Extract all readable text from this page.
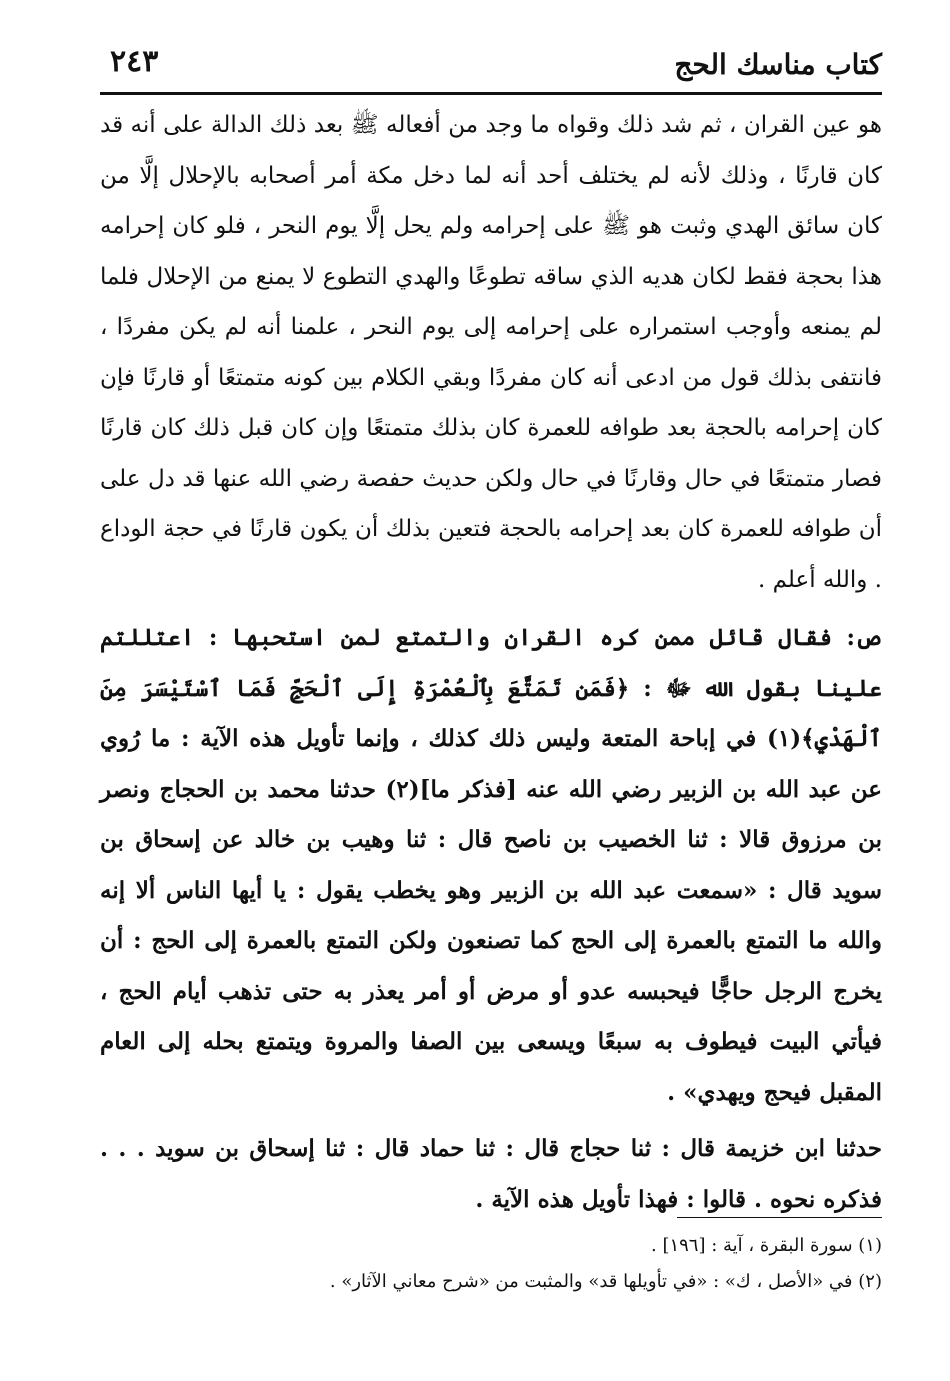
٢٤٣	كتاب مناسك الحج

هو عين القران ، ثم شد ذلك وقواه ما وجد من أفعاله ﷺ بعد ذلك الدالة على أنه قد كان قارنًا ، وذلك لأنه لم يختلف أحد أنه لما دخل مكة أمر أصحابه بالإحلال إلَّا من كان سائق الهدي وثبت هو ﷺ على إحرامه ولم يحل إلَّا يوم النحر ، فلو كان إحرامه هذا بحجة فقط لكان هديه الذي ساقه تطوعًا والهدي التطوع لا يمنع من الإحلال فلما لم يمنعه وأوجب استمراره على إحرامه إلى يوم النحر ، علمنا أنه لم يكن مفردًا ، فانتفى بذلك قول من ادعى أنه كان مفردًا وبقي الكلام بين كونه متمتعًا أو قارنًا فإن كان إحرامه بالحجة بعد طوافه للعمرة كان بذلك متمتعًا وإن كان قبل ذلك كان قارنًا فصار متمتعًا في حال وقارنًا في حال ولكن حديث حفصة رضي الله عنها قد دل على أن طوافه للعمرة كان بعد إحرامه بالحجة فتعين بذلك أن يكون قارنًا في حجة الوداع . والله أعلم .

ص: فقال قائل ممن كره القران والتمتع لمن استحبها : اعتللتم علينا بقول الله ﷻ : ﴿فَمَن تَمَتَّعَ بِٱلْعُمْرَةِ إِلَى ٱلْحَجِّ فَمَا ٱسْتَيْسَرَ مِنَ ٱلْهَدْيِ﴾(١) في إباحة المتعة وليس ذلك كذلك ، وإنما تأويل هذه الآية : ما رُوي عن عبد الله بن الزبير رضي الله عنه [فذكر ما](٢) حدثنا محمد بن الحجاج ونصر بن مرزوق قالا : ثنا الخصيب بن ناصح قال : ثنا وهيب بن خالد عن إسحاق بن سويد قال : «سمعت عبد الله بن الزبير وهو يخطب يقول : يا أيها الناس ألا إنه والله ما التمتع بالعمرة إلى الحج كما تصنعون ولكن التمتع بالعمرة إلى الحج : أن يخرج الرجل حاجًّا فيحبسه عدو أو مرض أو أمر يعذر به حتى تذهب أيام الحج ، فيأتي البيت فيطوف به سبعًا ويسعى بين الصفا والمروة ويتمتع بحله إلى العام المقبل فيحج ويهدي» .

حدثنا ابن خزيمة قال : ثنا حجاج قال : ثنا حماد قال : ثنا إسحاق بن سويد . . . فذكره نحوه . قالوا : فهذا تأويل هذه الآية .

(١) سورة البقرة ، آية : [١٩٦] .

(٢) في «الأصل ، ك» : «في تأويلها قد» والمثبت من «شرح معاني الآثار» .
